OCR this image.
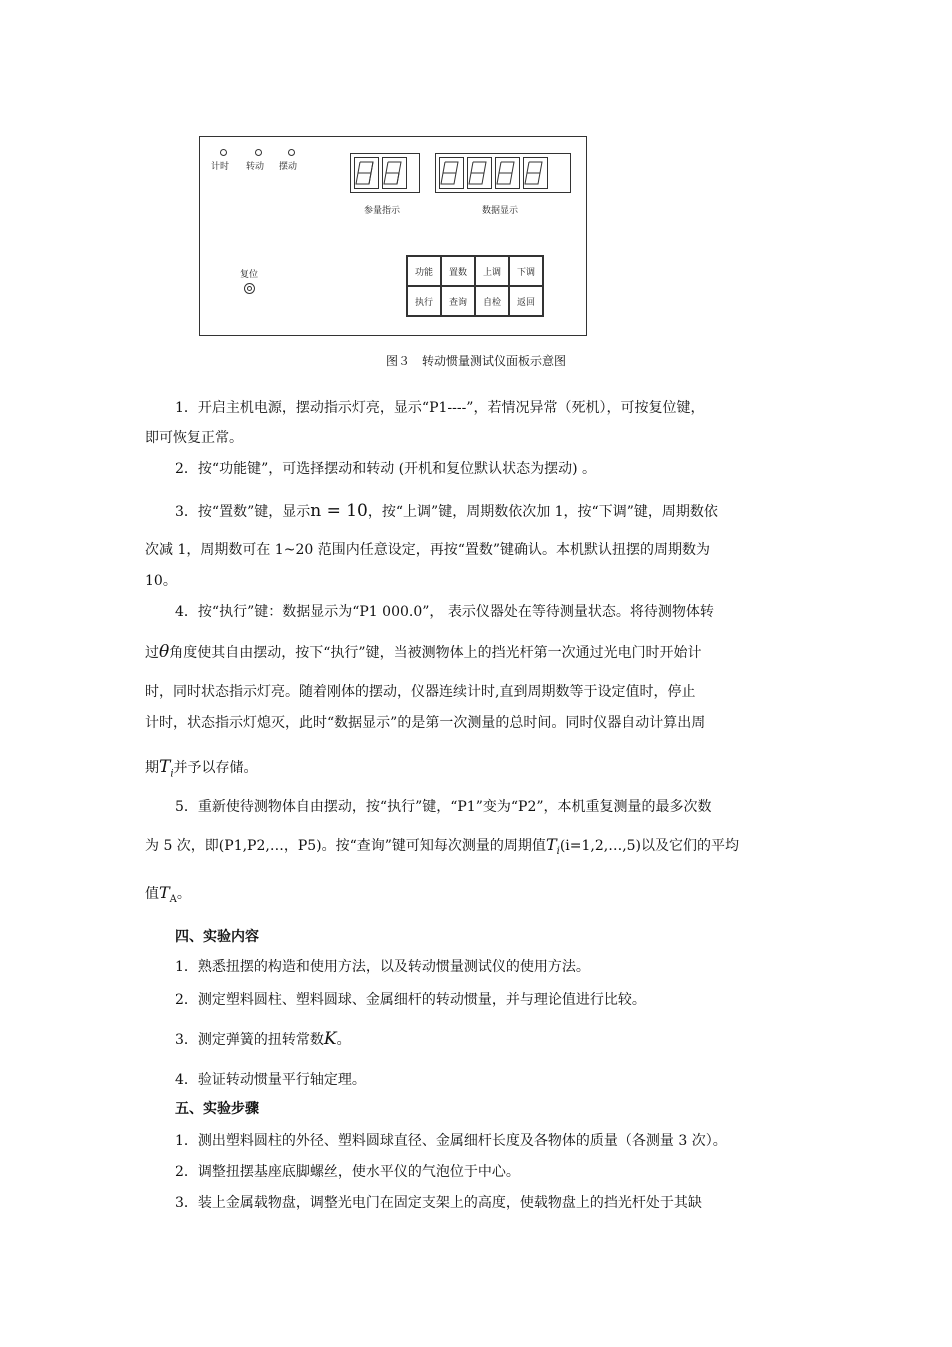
计时 转动 摆动
参量指示	数据显示
复位	功能	置数	上调	下调
执行	查询	自检	返回
图３　转动惯量测试仪面板示意图
1．开启主机电源，摆动指示灯亮，显示“P1----”，若情况异常（死机），可按复位键，
即可恢复正常。
2．按“功能键”，可选择摆动和转动 (开机和复位默认状态为摆动) 。
3．按“置数”键，显示n = 10，按“上调”键，周期数依次加 1，按“下调”键，周期数依
次减 1，周期数可在 1~20 范围内任意设定，再按“置数”键确认。本机默认扭摆的周期数为
10。
4．按“执行”键：数据显示为“P1 000.0”， 表示仪器处在等待测量状态。将待测物体转
过θ角度使其自由摆动，按下“执行”键，当被测物体上的挡光杆第一次通过光电门时开始计
时，同时状态指示灯亮。随着刚体的摆动，仪器连续计时,直到周期数等于设定值时，停止
计时，状态指示灯熄灭，此时“数据显示”的是第一次测量的总时间。同时仪器自动计算出周
期$T_i$并予以存储。
5．重新使待测物体自由摆动，按“执行”键，“P1”变为“P2”，本机重复测量的最多次数
为 5 次，即(P1,P2,…，P5)。按“查询”键可知每次测量的周期值$T_i(i=1,2,\dots,5)$以及它们的平均
值$T_A$。
四、实验内容
1．熟悉扭摆的构造和使用方法，以及转动惯量测试仪的使用方法。
2．测定塑料圆柱、塑料圆球、金属细杆的转动惯量，并与理论值进行比较。
3．测定弹簧的扭转常数K。
4．验证转动惯量平行轴定理。
五、实验步骤
1．测出塑料圆柱的外径、塑料圆球直径、金属细杆长度及各物体的质量（各测量 3 次）。
2．调整扭摆基座底脚螺丝，使水平仪的气泡位于中心。
3．装上金属载物盘，调整光电门在固定支架上的高度，使载物盘上的挡光杆处于其缺
